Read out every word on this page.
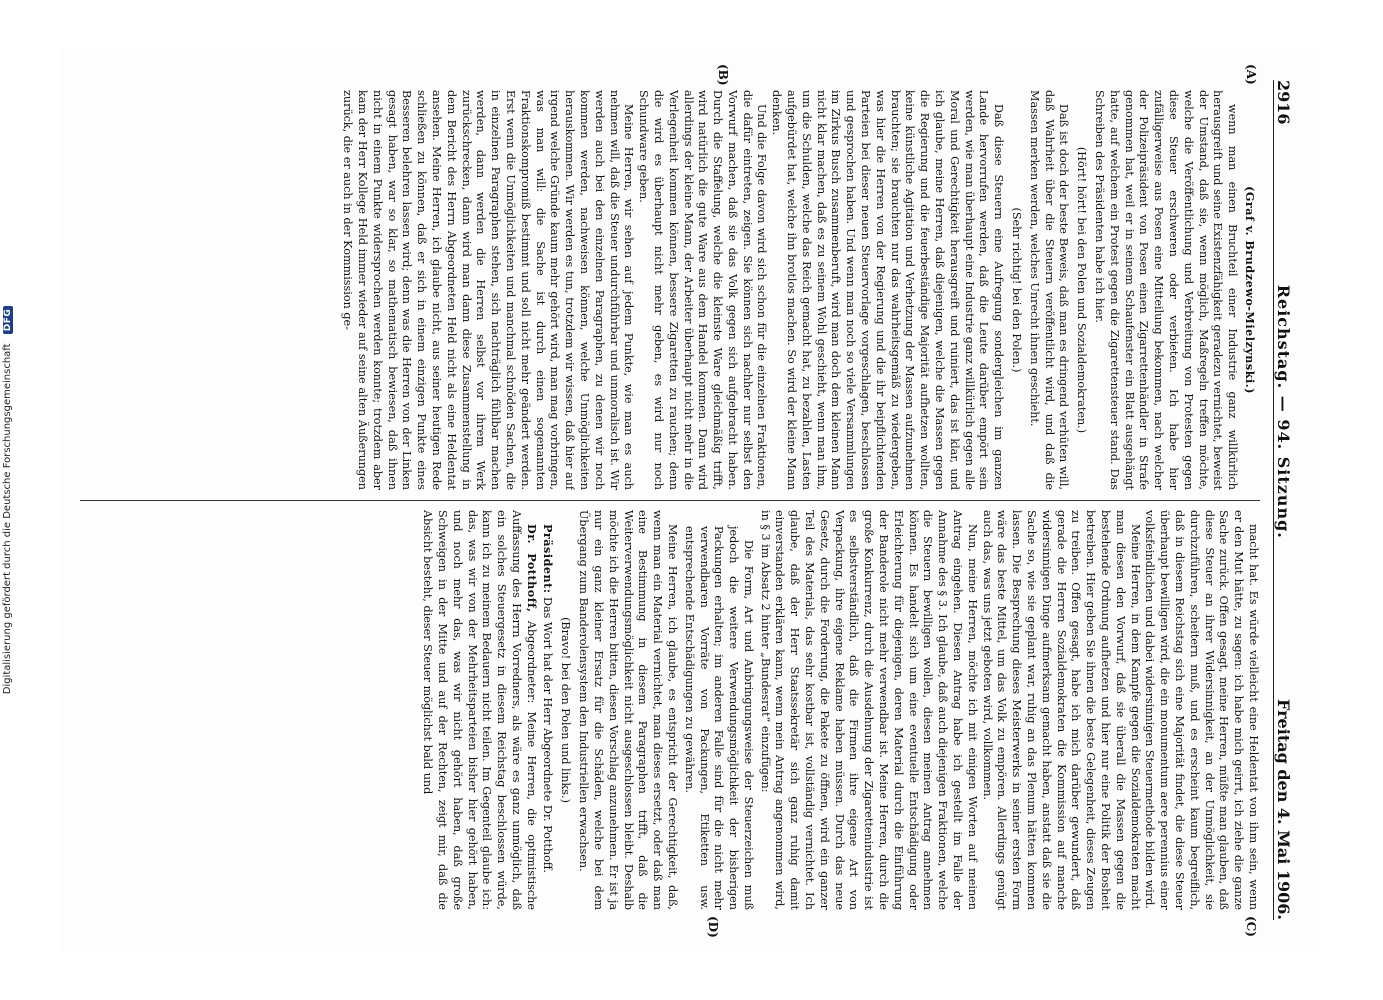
Digitalisierung gefördert durch die Deutsche Forschungsgemeinschaft DFG
2916
Reichstag. — 94. Sitzung.
Freitag den 4. Mai 1906.
(A)
(B)
(C)
(D)

(Graf v. Brudzewo-Mielzynski.)

wenn man einen Bruchteil einer Industrie ganz willkürlich herausgreift und seine Existenzfähigkeit geradezu vernichtet, beweist der Umstand, daß sie, wenn möglich, Maßregeln treffen möchte, welche die Veröffentlichung und Verbreitung von Protesten gegen diese Steuer erschweren oder verbieten. Ich habe hier zufälligerweise aus Posen eine Mitteilung bekommen, nach welcher der Polizeipräsident von Posen einen Zigarrettenhändler in Strafe genommen hat, weil er in seinem Schaufenster ein Blatt ausgehängt hatte, auf welchem ein Protest gegen die Zigarettensteuer stand. Das Schreiben des Präsidenten habe ich hier.

(Hört! hört! bei den Polen und Sozialdemokraten.)

Daß ist doch der beste Beweis, daß man es dringend verhüten will, daß Wahrheit über die Steuern veröffentlicht wird, und daß die Massen merken werden, welches Unrecht ihnen geschieht.

(Sehr richtig! bei den Polen.)

Daß diese Steuern eine Aufregung sondergleichen im ganzen Lande hervorrufen werden, daß die Leute darüber empört sein werden, wie man überhaupt eine Industrie ganz willkürlich gegen alle Moral und Gerechtigkeit herausgreift und ruiniert, das ist klar, und ich glaube, meine Herren, daß diejenigen, welche die Massen gegen die Regierung und die feuerbeständige Majorität aufhetzen wollten, keine künstliche Agitation und Verhetzung der Massen aufzunehmen brauchten; sie brauchten nur das wahrheitsgemäß zu wiedergeben, was hier die Herren von der Regierung und die ihr beipflichtenden Parteien bei dieser neuen Steuervorlage vorgeschlagen, beschlossen und gesprochen haben. Und wenn man noch so viele Versammlungen im Zirkus Busch zusammenberuft, wird man doch dem kleinen Mann nicht klar machen, daß es zu seinem Wohl geschieht, wenn man ihm, um die Schulden, welche das Reich gemacht hat, zu bezahlen, Lasten aufgebürdet hat, welche ihn brotlos machen. So wird der kleine Mann denken.

Und die Folge davon wird sich schon für die einzelnen Fraktionen, die dafür eintreten, zeigen. Sie können sich nachher nur selbst den Vorwurf machen, daß sie das Volk gegen sich aufgebracht haben. Durch die Staffelung, welche die kleinste Ware gleichmäßig trifft, wird natürlich die gute Ware aus dem Handel kommen. Dann wird allerdings der kleine Mann, der Arbeiter überhaupt nicht mehr in die Verlegenheit kommen können, bessere Zigaretten zu rauchen; denn die wird es überhaupt nicht mehr geben, es wird nur noch Schundware geben.

Meine Herren, wir sehen auf jedem Punkte, wie man es auch nehmen will, daß die Steuer undurchführbar und unmoralisch ist. Wir werden auch bei den einzelnen Paragraphen, zu denen wir noch kommen werden, nachweisen können, welche Unmöglichkeiten herauskommen. Wir werden es tun, trotzdem wir wissen, daß hier auf irgend welche Gründe kaum mehr gehört wird, man mag vorbringen, was man will: die Sache ist durch einen sogenannten Fraktionskompromiß bestimmt und soll nicht mehr geändert werden. Erst wenn die Unmöglichkeiten und manchmal schnöden Sachen, die in einzelnen Paragraphen stehen, sich nachträglich fühlbar machen werden, dann werden die Herren selbst vor ihrem Werk zurückschrecken, dann wird man dann diese Zusammenstellung in dem Bericht des Herrn Abgeordneten Held nicht als eine Heldentat ansehen. Meine Herren, ich glaube nicht, aus seiner heutigen Rede schließen zu können, daß er sich in einem einzigen Punkte eines Besseren belehren lassen wird; denn was die Herren von der Linken gesagt haben, war so klar, so mathematisch bewiesen, daß ihnen nicht in einem Punkte widersprochen werden konnte; trotzdem aber kam der Herr Kollege Held immer wieder auf seine alten Äußerungen zurück, die er auch in der Kommission ge-

macht hat. Es würde vielleicht eine Heldentat von ihm sein, wenn er den Mut hätte, zu sagen: ich habe mich geirrt, ich ziehe die ganze Sache zurück. Offen gesagt, meine Herren, müßte man glauben, daß diese Steuer an ihrer Widersinnigkeit, an der Unmöglichkeit, sie durchzuführen, scheitern muß, und es erscheint kaum begreiflich, daß in diesem Reichstag sich eine Majorität findet, die diese Steuer überhaupt bewilligen wird, die ein monumentum aere perennius einer volksfeindlichen und dabei widersinnigen Steuermethode bilden wird.

Meine Herren, in dem Kampfe gegen die Sozialdemokraten macht man diesen den Vorwurf, daß sie überall die Massen gegen die bestehende Ordnung aufhetzen und hier nur eine Politik der Bosheit betreiben. Hier geben Sie ihnen die beste Gelegenheit, dieses Zeugen zu treiben. Offen gesagt, habe ich mich darüber gewundert, daß gerade die Herren Sozialdemokraten die Kommission auf manche widersinnigen Dinge aufmerksam gemacht haben, anstatt daß sie die Sache so, wie sie geplant war, ruhig an das Plenum hätten kommen lassen. Die Besprechung dieses Meisterwerks in seiner ersten Form wäre das beste Mittel, um das Volk zu empören. Allerdings genügt auch das, was uns jetzt geboten wird, vollkommen.

Nun, meine Herren, möchte ich mit einigen Worten auf meinen Antrag eingehen. Diesen Antrag habe ich gestellt im Falle der Annahme des § 3. Ich glaube, daß auch diejenigen Fraktionen, welche die Steuern bewilligen wollen, diesen meinen Antrag annehmen können. Es handelt sich um eine eventuelle Entschädigung oder Erleichterung für diejenigen, deren Material durch die Einführung der Banderole nicht mehr verwendbar ist. Meine Herren, durch die große Konkurrenz, durch die Ausdehnung der Zigarettenindustrie ist es selbstverständlich, daß die Firmen ihre eigene Art von Verpackung, ihre eigene Reklame haben müssen. Durch das neue Gesetz, durch die Forderung, die Pakete zu öffnen, wird ein ganzer Teil des Materials, das sehr kostbar ist, vollständig vernichtet. Ich glaube, daß der Herr Staatssekretär sich ganz ruhig damit einverstanden erklären kann, wenn mein Antrag angenommen wird, in § 3 im Absatz 2 hinter „Bundesrat“ einzufügen:

Die Form, Art und Anbringungsweise der Steuerzeichen muß jedoch die weitere Verwendungsmöglichkeit der bisherigen Packungen erhalten; im anderen Falle sind für die nicht mehr verwendbaren Vorräte von Packungen, Etiketten usw. entsprechende Entschädigungen zu gewähren.

Meine Herren, ich glaube, es entspricht der Gerechtigkeit, daß, wenn man ein Material vernichtet, man dieses ersetzt, oder daß man eine Bestimmung in diesem Paragraphen trifft, daß die Weiterverwendungsmöglichkeit nicht ausgeschlossen bleibt. Deshalb möchte ich die Herren bitten, diesen Vorschlag anzunehmen. Er ist ja nur ein ganz kleiner Ersatz für die Schäden, welche bei dem Übergang zum Banderolensystem den Industriellen erwachsen.

(Bravo! bei den Polen und links.)

Präsident: Das Wort hat der Herr Abgeordnete Dr. Potthoff.

Dr. Potthoff, Abgeordneter: Meine Herren, die optimistische Auffassung des Herrn Vorredners, als wäre es ganz unmöglich, daß ein solches Steuergesetz in diesem Reichstag beschlossen würde, kann ich zu meinem Bedauern nicht teilen. Im Gegenteil glaube ich: das, was wir von der Mehrheitsparteien bisher hier gehört haben, und noch mehr das, was wir nicht gehört haben, daß große Schweigen in der Mitte und auf der Rechten, zeigt mir, daß die Absicht besteht, dieser Steuer möglichst bald und
